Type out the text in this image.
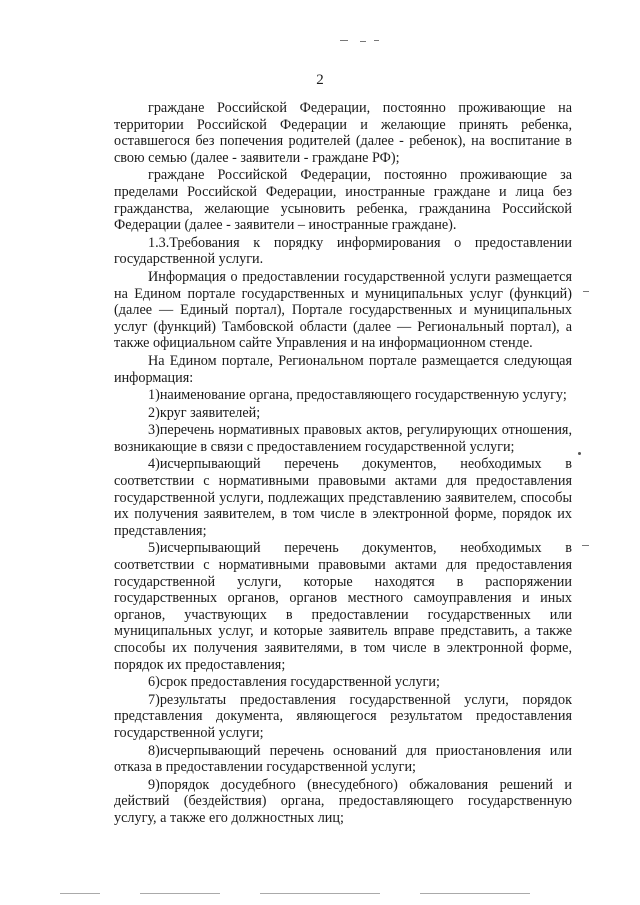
2

граждане Российской Федерации, постоянно проживающие на территории Российской Федерации и желающие принять ребенка, оставшегося без попечения родителей (далее - ребенок), на воспитание в свою семью (далее - заявители - граждане РФ);

граждане Российской Федерации, постоянно проживающие за пределами Российской Федерации, иностранные граждане и лица без гражданства, желающие усыновить ребенка, гражданина Российской Федерации (далее - заявители – иностранные граждане).

1.3.Требования к порядку информирования о предоставлении государственной услуги.

Информация о предоставлении государственной услуги размещается на Едином портале государственных и муниципальных услуг (функций) (далее — Единый портал), Портале государственных и муниципальных услуг (функций) Тамбовской области (далее — Региональный портал), а также официальном сайте Управления и на информационном стенде.

На Едином портале, Региональном портале размещается следующая информация:

1)наименование органа, предоставляющего государственную услугу;

2)круг заявителей;

3)перечень нормативных правовых актов, регулирующих отношения, возникающие в связи с предоставлением государственной услуги;

4)исчерпывающий перечень документов, необходимых в соответствии с нормативными правовыми актами для предоставления государственной услуги, подлежащих представлению заявителем, способы их получения заявителем, в том числе в электронной форме, порядок их представления;

5)исчерпывающий перечень документов, необходимых в соответствии с нормативными правовыми актами для предоставления государственной услуги, которые находятся в распоряжении государственных органов, органов местного самоуправления и иных органов, участвующих в предоставлении государственных или муниципальных услуг, и которые заявитель вправе представить, а также способы их получения заявителями, в том числе в электронной форме, порядок их предоставления;

6)срок предоставления государственной услуги;

7)результаты предоставления государственной услуги, порядок представления документа, являющегося результатом предоставления государственной услуги;

8)исчерпывающий перечень оснований для приостановления или отказа в предоставлении государственной услуги;

9)порядок досудебного (внесудебного) обжалования решений и действий (бездействия) органа, предоставляющего государственную услугу, а также его должностных лиц;
